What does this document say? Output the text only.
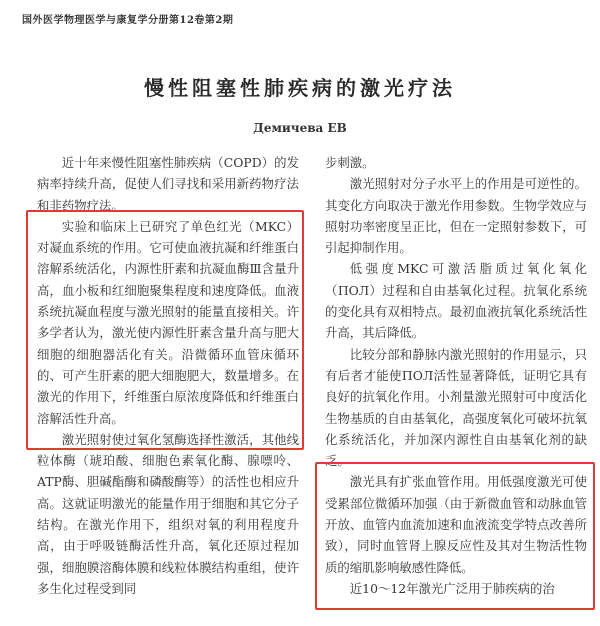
国外医学物理医学与康复学分册第12卷第2期
慢性阻塞性肺疾病的激光疗法
Демичева ЕВ

近十年来慢性阻塞性肺疾病（COPD）的发病率持续升高，促使人们寻找和采用新药物疗法和非药物疗法。

实验和临床上已研究了单色红光（MKC）对凝血系统的作用。它可使血液抗凝和纤维蛋白溶解系统活化，内源性肝素和抗凝血酶Ⅲ含量升高，血小板和红细胞聚集程度和速度降低。血液系统抗凝血程度与激光照射的能量直接相关。许多学者认为，激光使内源性肝素含量升高与肥大细胞的细胞器活化有关。沿微循环血管床循环的、可产生肝素的肥大细胞肥大，数量增多。在激光的作用下，纤维蛋白原浓度降低和纤维蛋白溶解活性升高。

激光照射使过氧化氢酶选择性激活，其他线粒体酶（琥珀酸、细胞色素氧化酶、腺嘌呤、ATP酶、胆碱酯酶和磷酸酶等）的活性也相应升高。这就证明激光的能量作用于细胞和其它分子结构。在激光作用下，组织对氧的利用程度升高，由于呼吸链酶活性升高，氧化还原过程加强，细胞膜溶酶体膜和线粒体膜结构重组，使许多生化过程受到同

步刺激。

激光照射对分子水平上的作用是可逆性的。其变化方向取决于激光作用参数。生物学效应与照射功率密度呈正比，但在一定照射参数下，可引起抑制作用。

低强度MKC可激活脂质过氧化氧化（ПОЛ）过程和自由基氧化过程。抗氧化系统的变化具有双相特点。最初血液抗氧化系统活性升高，其后降低。

比较分部和静脉内激光照射的作用显示，只有后者才能使ПОЛ活性显著降低，证明它具有良好的抗氧化作用。小剂量激光照射可中度活化生物基质的自由基氧化，高强度氧化可破坏抗氧化系统活化，并加深内源性自由基氧化剂的缺乏。

激光具有扩张血管作用。用低强度激光可使受累部位微循环加强（由于新微血管和动脉血管开放、血管内血流加速和血液流变学特点改善所致），同时血管肾上腺反应性及其对生物活性物质的缩肌影响敏感性降低。

近10～12年激光广泛用于肺疾病的治
